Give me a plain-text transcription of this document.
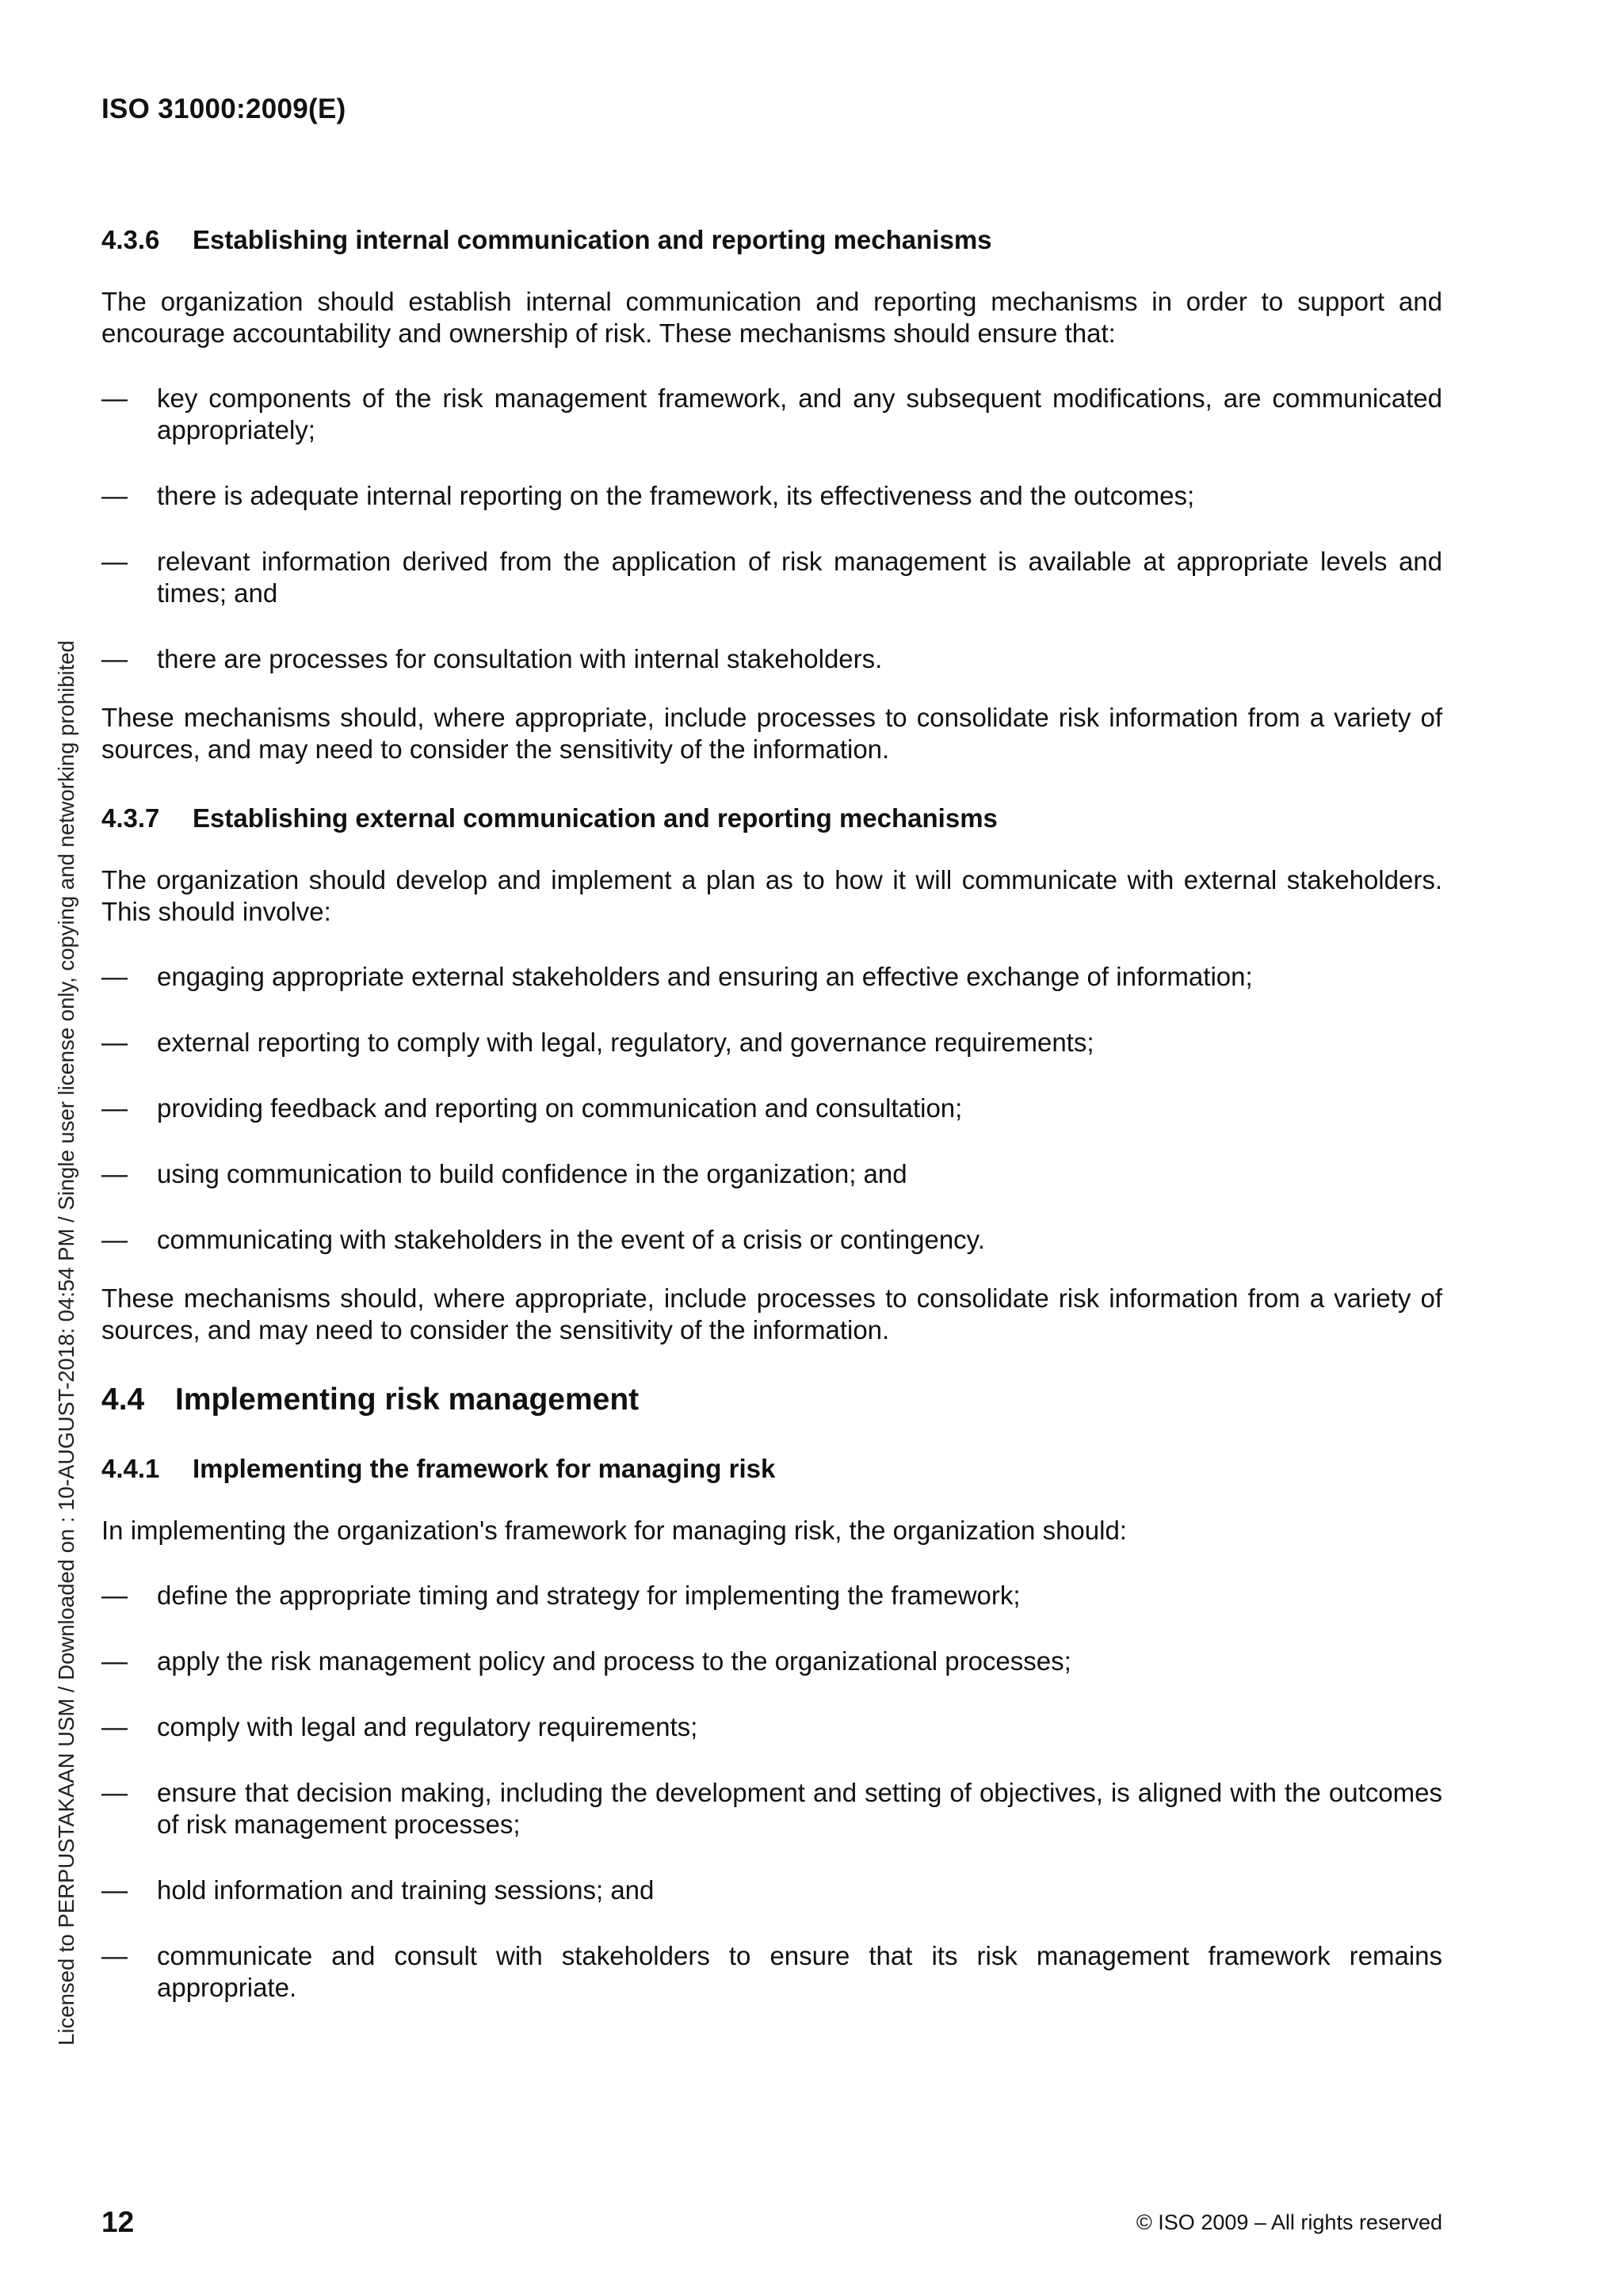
ISO 31000:2009(E)
Licensed to PERPUSTAKAAN USM / Downloaded on : 10-AUGUST-2018: 04:54 PM / Single user license only, copying and networking prohibited
4.3.6	Establishing internal communication and reporting mechanisms

The organization should establish internal communication and reporting mechanisms in order to support and encourage accountability and ownership of risk. These mechanisms should ensure that:

—	key components of the risk management framework, and any subsequent modifications, are communicated appropriately;
—	there is adequate internal reporting on the framework, its effectiveness and the outcomes;
—	relevant information derived from the application of risk management is available at appropriate levels and times; and
—	there are processes for consultation with internal stakeholders.

These mechanisms should, where appropriate, include processes to consolidate risk information from a variety of sources, and may need to consider the sensitivity of the information.

4.3.7	Establishing external communication and reporting mechanisms

The organization should develop and implement a plan as to how it will communicate with external stakeholders. This should involve:

—	engaging appropriate external stakeholders and ensuring an effective exchange of information;
—	external reporting to comply with legal, regulatory, and governance requirements;
—	providing feedback and reporting on communication and consultation;
—	using communication to build confidence in the organization; and
—	communicating with stakeholders in the event of a crisis or contingency.

These mechanisms should, where appropriate, include processes to consolidate risk information from a variety of sources, and may need to consider the sensitivity of the information.

4.4 Implementing risk management
4.4.1	Implementing the framework for managing risk

In implementing the organization's framework for managing risk, the organization should:

—	define the appropriate timing and strategy for implementing the framework;
—	apply the risk management policy and process to the organizational processes;
—	comply with legal and regulatory requirements;
—	ensure that decision making, including the development and setting of objectives, is aligned with the outcomes of risk management processes;
—	hold information and training sessions; and
—	communicate and consult with stakeholders to ensure that its risk management framework remains appropriate.
12	© ISO 2009 – All rights reserved
